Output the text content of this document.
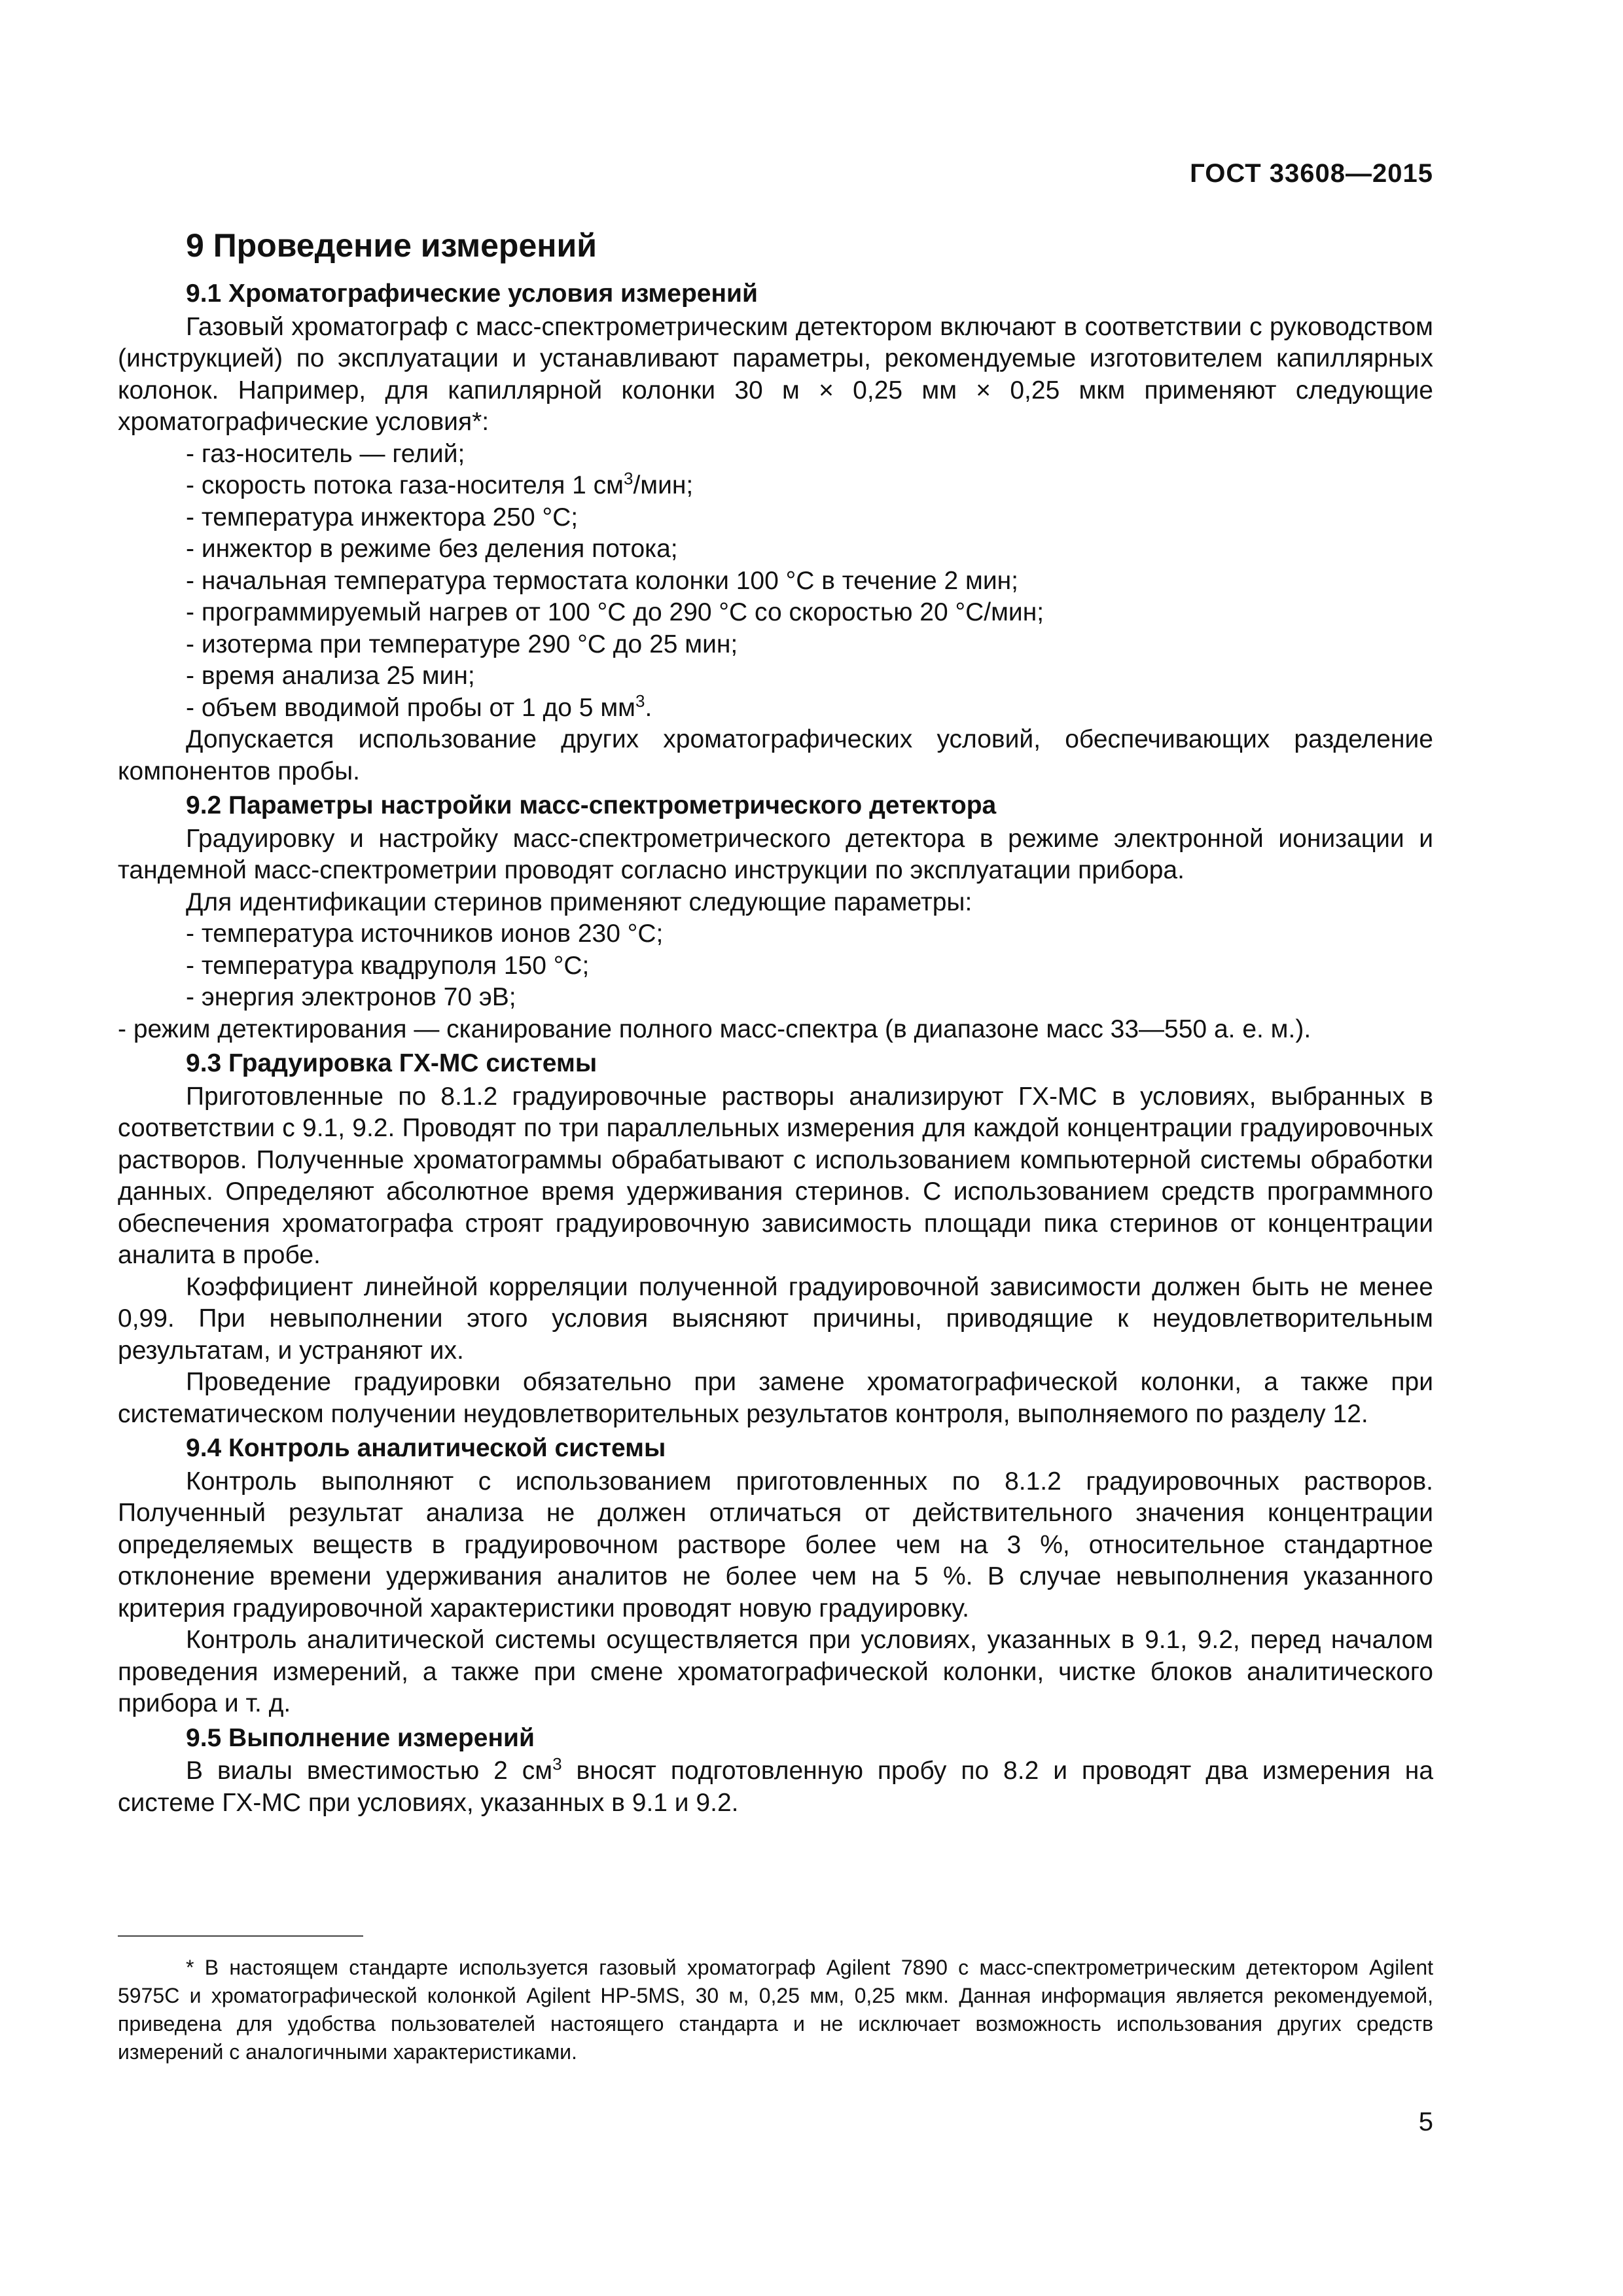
ГОСТ 33608—2015
9 Проведение измерений
9.1 Хроматографические условия измерений

Газовый хроматограф с масс-спектрометрическим детектором включают в соответствии с руководством (инструкцией) по эксплуатации и устанавливают параметры, рекомендуемые изготовителем капиллярных колонок. Например, для капиллярной колонки 30 м × 0,25 мм × 0,25 мкм применяют следующие хроматографические условия*:

- газ-носитель — гелий;
- скорость потока газа-носителя 1 $см^3$/мин;
- температура инжектора 250 °С;
- инжектор в режиме без деления потока;
- начальная температура термостата колонки 100 °С в течение 2 мин;
- программируемый нагрев от 100 °С до 290 °С со скоростью 20 °С/мин;
- изотерма при температуре 290 °С до 25 мин;
- время анализа 25 мин;
- объем вводимой пробы от 1 до 5 $мм^3$.

Допускается использование других хроматографических условий, обеспечивающих разделение компонентов пробы.

9.2 Параметры настройки масс-спектрометрического детектора

Градуировку и настройку масс-спектрометрического детектора в режиме электронной ионизации и тандемной масс-спектрометрии проводят согласно инструкции по эксплуатации прибора.

Для идентификации стеринов применяют следующие параметры:

- температура источников ионов 230 °С;
- температура квадруполя 150 °С;
- энергия электронов 70 эВ;

- режим детектирования — сканирование полного масс-спектра (в диапазоне масс 33—550 а. е. м.).

9.3 Градуировка ГХ-МС системы

Приготовленные по 8.1.2 градуировочные растворы анализируют ГХ-МС в условиях, выбранных в соответствии с 9.1, 9.2. Проводят по три параллельных измерения для каждой концентрации градуировочных растворов. Полученные хроматограммы обрабатывают с использованием компьютерной системы обработки данных. Определяют абсолютное время удерживания стеринов. С использованием средств программного обеспечения хроматографа строят градуировочную зависимость площади пика стеринов от концентрации аналита в пробе.

Коэффициент линейной корреляции полученной градуировочной зависимости должен быть не менее 0,99. При невыполнении этого условия выясняют причины, приводящие к неудовлетворительным результатам, и устраняют их.

Проведение градуировки обязательно при замене хроматографической колонки, а также при систематическом получении неудовлетворительных результатов контроля, выполняемого по разделу 12.

9.4 Контроль аналитической системы

Контроль выполняют с использованием приготовленных по 8.1.2 градуировочных растворов. Полученный результат анализа не должен отличаться от действительного значения концентрации определяемых веществ в градуировочном растворе более чем на 3 %, относительное стандартное отклонение времени удерживания аналитов не более чем на 5 %. В случае невыполнения указанного критерия градуировочной характеристики проводят новую градуировку.

Контроль аналитической системы осуществляется при условиях, указанных в 9.1, 9.2, перед началом проведения измерений, а также при смене хроматографической колонки, чистке блоков аналитического прибора и т. д.

9.5 Выполнение измерений

В виалы вместимостью 2 $см^3$ вносят подготовленную пробу по 8.2 и проводят два измерения на системе ГХ-МС при условиях, указанных в 9.1 и 9.2.

* В настоящем стандарте используется газовый хроматограф Agilent 7890 с масс-спектрометрическим детектором Agilent 5975C и хроматографической колонкой Agilent HP-5MS, 30 м, 0,25 мм, 0,25 мкм. Данная информация является рекомендуемой, приведена для удобства пользователей настоящего стандарта и не исключает возможность использования других средств измерений с аналогичными характеристиками.
5
